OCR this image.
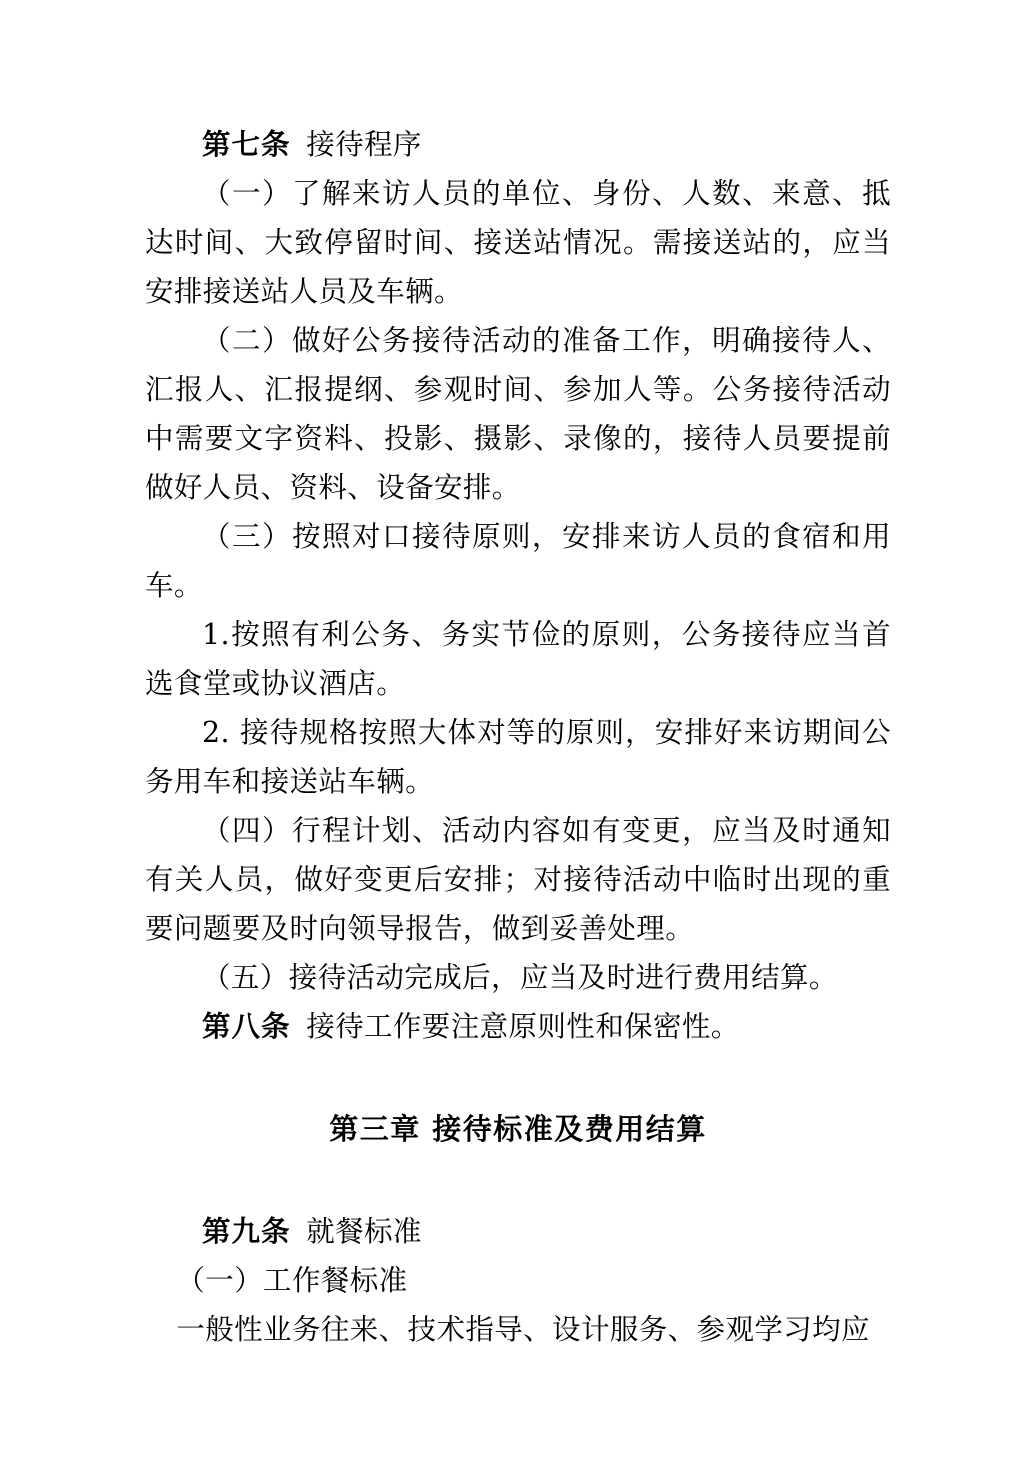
第七条 接待程序

（一）了解来访人员的单位、身份、人数、来意、抵达时间、大致停留时间、接送站情况。需接送站的，应当安排接送站人员及车辆。

（二）做好公务接待活动的准备工作，明确接待人、汇报人、汇报提纲、参观时间、参加人等。公务接待活动中需要文字资料、投影、摄影、录像的，接待人员要提前做好人员、资料、设备安排。

（三）按照对口接待原则，安排来访人员的食宿和用车。

1.按照有利公务、务实节俭的原则，公务接待应当首选食堂或协议酒店。

2. 接待规格按照大体对等的原则，安排好来访期间公务用车和接送站车辆。

（四）行程计划、活动内容如有变更，应当及时通知有关人员，做好变更后安排；对接待活动中临时出现的重要问题要及时向领导报告，做到妥善处理。

（五）接待活动完成后，应当及时进行费用结算。

第八条 接待工作要注意原则性和保密性。

第三章 接待标准及费用结算

第九条 就餐标准

（一）工作餐标准

一般性业务往来、技术指导、设计服务、参观学习均应
